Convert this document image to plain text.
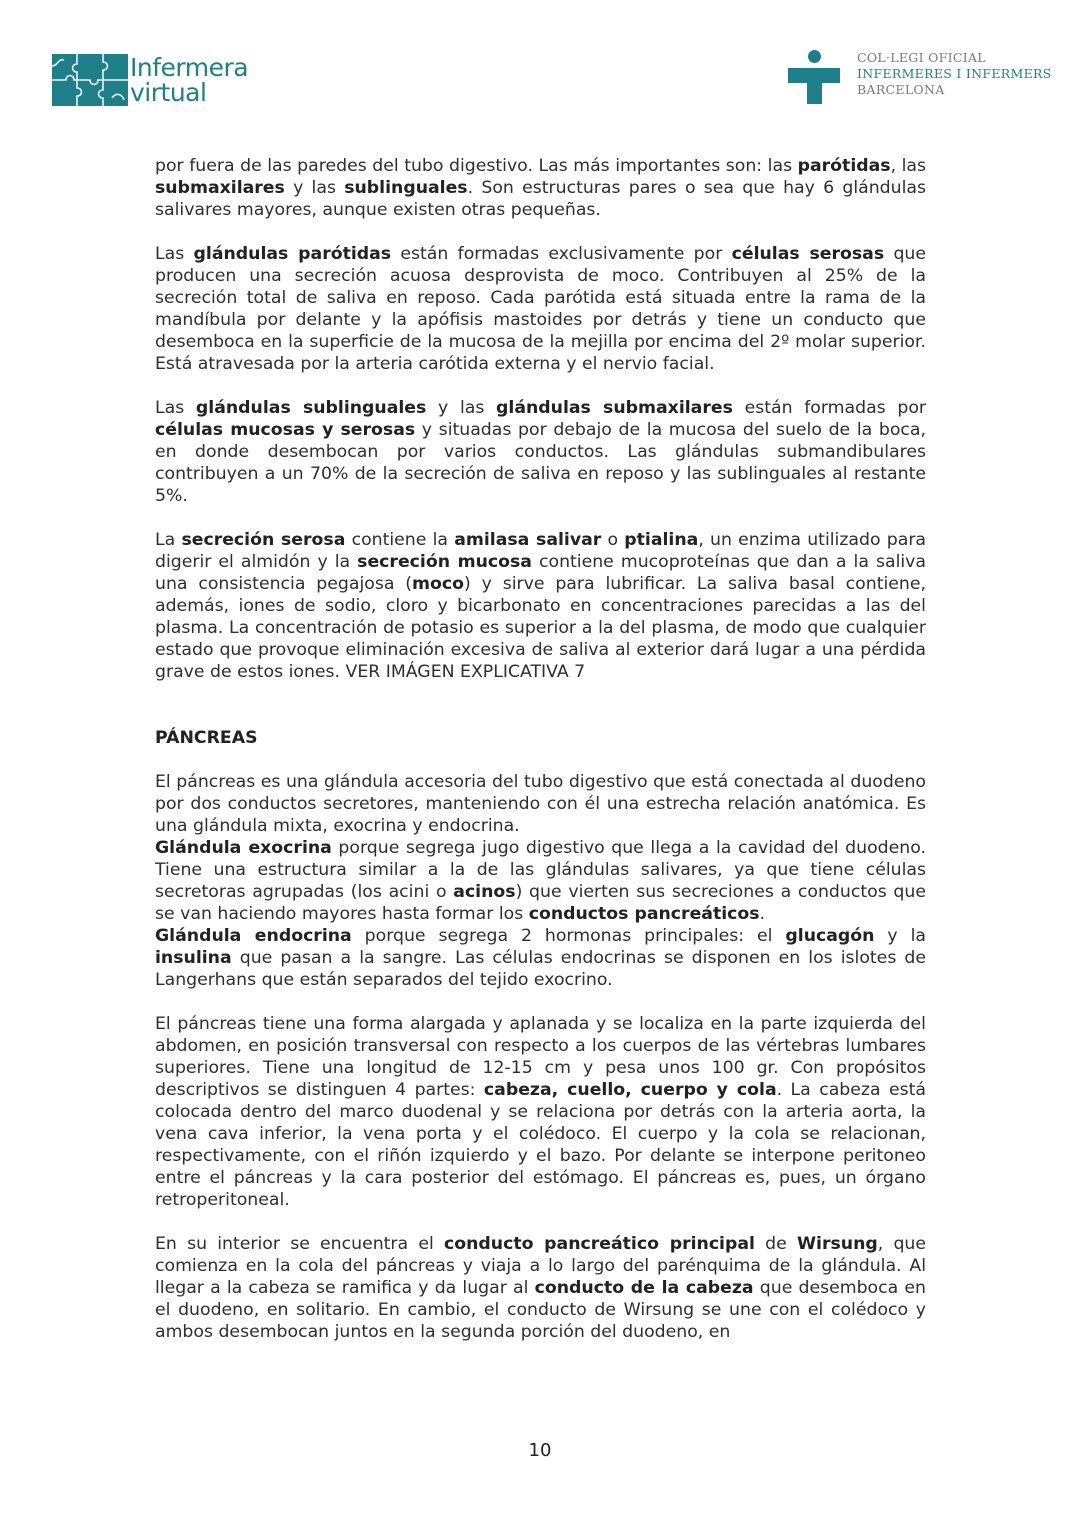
Infermera
virtual
COL·LEGI OFICIAL
INFERMERES I INFERMERS
BARCELONA

por fuera de las paredes del tubo digestivo. Las más importantes son: las parótidas, las submaxilares y las sublinguales. Son estructuras pares o sea que hay 6 glándulas salivares mayores, aunque existen otras pequeñas.

Las glándulas parótidas están formadas exclusivamente por células serosas que producen una secreción acuosa desprovista de moco. Contribuyen al 25% de la secreción total de saliva en reposo. Cada parótida está situada entre la rama de la mandíbula por delante y la apófisis mastoides por detrás y tiene un conducto que desemboca en la superficie de la mucosa de la mejilla por encima del 2º molar superior. Está atravesada por la arteria carótida externa y el nervio facial.

Las glándulas sublinguales y las glándulas submaxilares están formadas por células mucosas y serosas y situadas por debajo de la mucosa del suelo de la boca, en donde desembocan por varios conductos. Las glándulas submandibulares contribuyen a un 70% de la secreción de saliva en reposo y las sublinguales al restante 5%.

La secreción serosa contiene la amilasa salivar o ptialina, un enzima utilizado para digerir el almidón y la secreción mucosa contiene mucoproteínas que dan a la saliva una consistencia pegajosa (moco) y sirve para lubrificar. La saliva basal contiene, además, iones de sodio, cloro y bicarbonato en concentraciones parecidas a las del plasma. La concentración de potasio es superior a la del plasma, de modo que cualquier estado que provoque eliminación excesiva de saliva al exterior dará lugar a una pérdida grave de estos iones. VER IMÁGEN EXPLICATIVA 7

PÁNCREAS

El páncreas es una glándula accesoria del tubo digestivo que está conectada al duodeno por dos conductos secretores, manteniendo con él una estrecha relación anatómica. Es una glándula mixta, exocrina y endocrina.

Glándula exocrina porque segrega jugo digestivo que llega a la cavidad del duodeno. Tiene una estructura similar a la de las glándulas salivares, ya que tiene células secretoras agrupadas (los acini o acinos) que vierten sus secreciones a conductos que se van haciendo mayores hasta formar los conductos pancreáticos.

Glándula endocrina porque segrega 2 hormonas principales: el glucagón y la insulina que pasan a la sangre. Las células endocrinas se disponen en los islotes de Langerhans que están separados del tejido exocrino.

El páncreas tiene una forma alargada y aplanada y se localiza en la parte izquierda del abdomen, en posición transversal con respecto a los cuerpos de las vértebras lumbares superiores. Tiene una longitud de 12-15 cm y pesa unos 100 gr. Con propósitos descriptivos se distinguen 4 partes: cabeza, cuello, cuerpo y cola. La cabeza está colocada dentro del marco duodenal y se relaciona por detrás con la arteria aorta, la vena cava inferior, la vena porta y el colédoco. El cuerpo y la cola se relacionan, respectivamente, con el riñón izquierdo y el bazo. Por delante se interpone peritoneo entre el páncreas y la cara posterior del estómago. El páncreas es, pues, un órgano retroperitoneal.

En su interior se encuentra el conducto pancreático principal de Wirsung, que comienza en la cola del páncreas y viaja a lo largo del parénquima de la glándula. Al llegar a la cabeza se ramifica y da lugar al conducto de la cabeza que desemboca en el duodeno, en solitario. En cambio, el conducto de Wirsung se une con el colédoco y ambos desembocan juntos en la segunda porción del duodeno, en

10
